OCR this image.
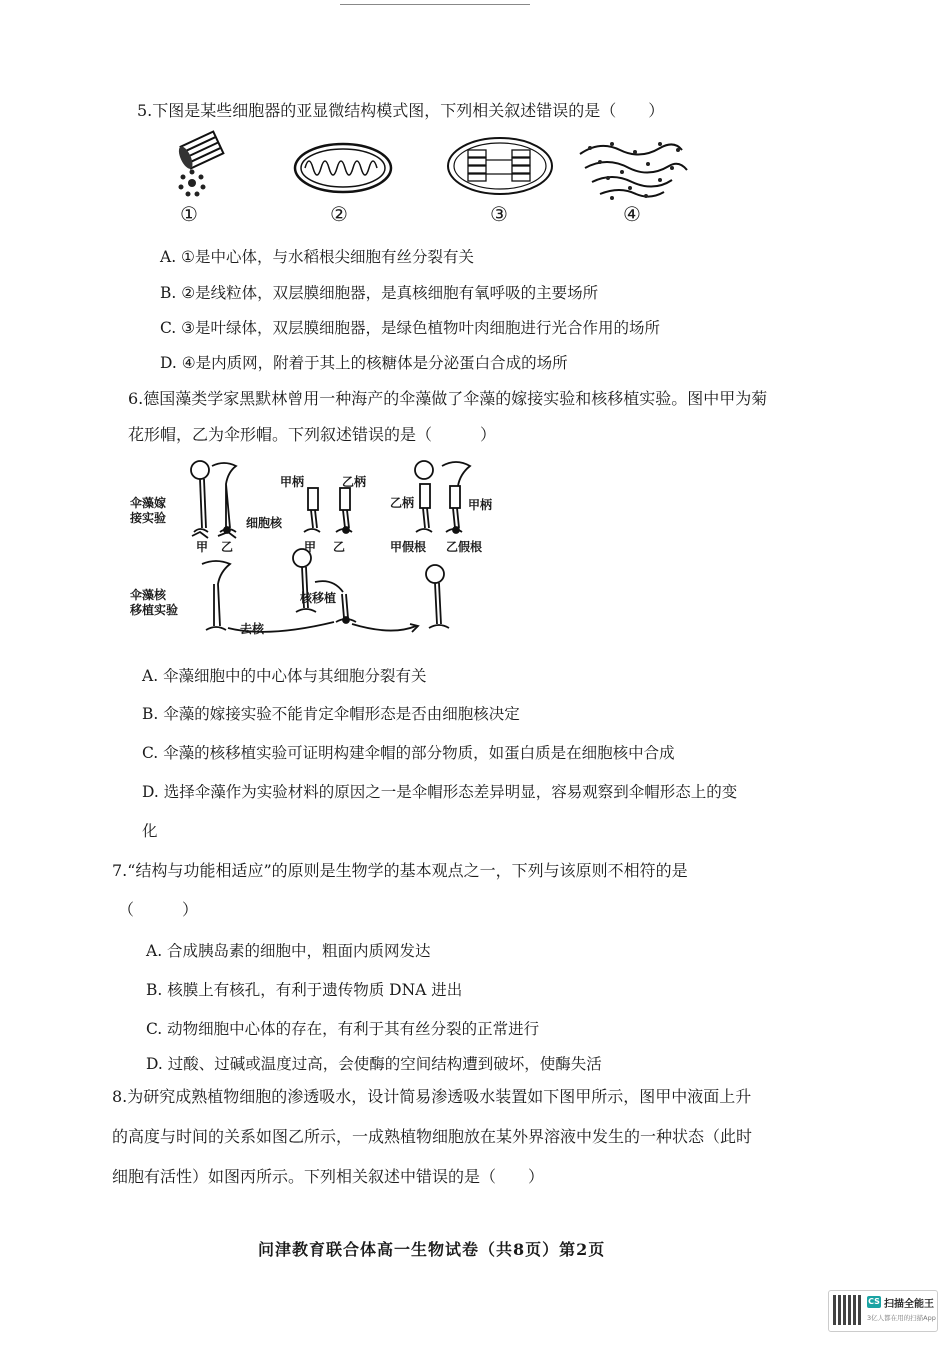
5.下图是某些细胞器的亚显微结构模式图，下列相关叙述错误的是（　　）
①	②	③	④
A. ①是中心体，与水稻根尖细胞有丝分裂有关
B. ②是线粒体，双层膜细胞器，是真核细胞有氧呼吸的主要场所
C. ③是叶绿体，双层膜细胞器，是绿色植物叶肉细胞进行光合作用的场所
D. ④是内质网，附着于其上的核糖体是分泌蛋白合成的场所
6.德国藻类学家黑默林曾用一种海产的伞藻做了伞藻的嫁接实验和核移植实验。图中甲为菊
花形帽，乙为伞形帽。下列叙述错误的是（　　　）
伞藻嫁
接实验	细胞核
甲 乙
甲柄	乙柄
甲 乙
乙柄	甲柄
甲假根 乙假根
伞藻核
移植实验
去核
核移植
A. 伞藻细胞中的中心体与其细胞分裂有关
B. 伞藻的嫁接实验不能肯定伞帽形态是否由细胞核决定
C. 伞藻的核移植实验可证明构建伞帽的部分物质，如蛋白质是在细胞核中合成
D. 选择伞藻作为实验材料的原因之一是伞帽形态差异明显，容易观察到伞帽形态上的变
化
7.“结构与功能相适应”的原则是生物学的基本观点之一，下列与该原则不相符的是
（　　　）
A. 合成胰岛素的细胞中，粗面内质网发达
B. 核膜上有核孔，有利于遗传物质 DNA 进出
C. 动物细胞中心体的存在，有利于其有丝分裂的正常进行
D. 过酸、过碱或温度过高，会使酶的空间结构遭到破坏，使酶失活
8.为研究成熟植物细胞的渗透吸水，设计简易渗透吸水装置如下图甲所示，图甲中液面上升
的高度与时间的关系如图乙所示，一成熟植物细胞放在某外界溶液中发生的一种状态（此时
细胞有活性）如图丙所示。下列相关叙述中错误的是（　　）
问津教育联合体高一生物试卷（共8页）第2页
CS 扫描全能王
3亿人都在用的扫描App
